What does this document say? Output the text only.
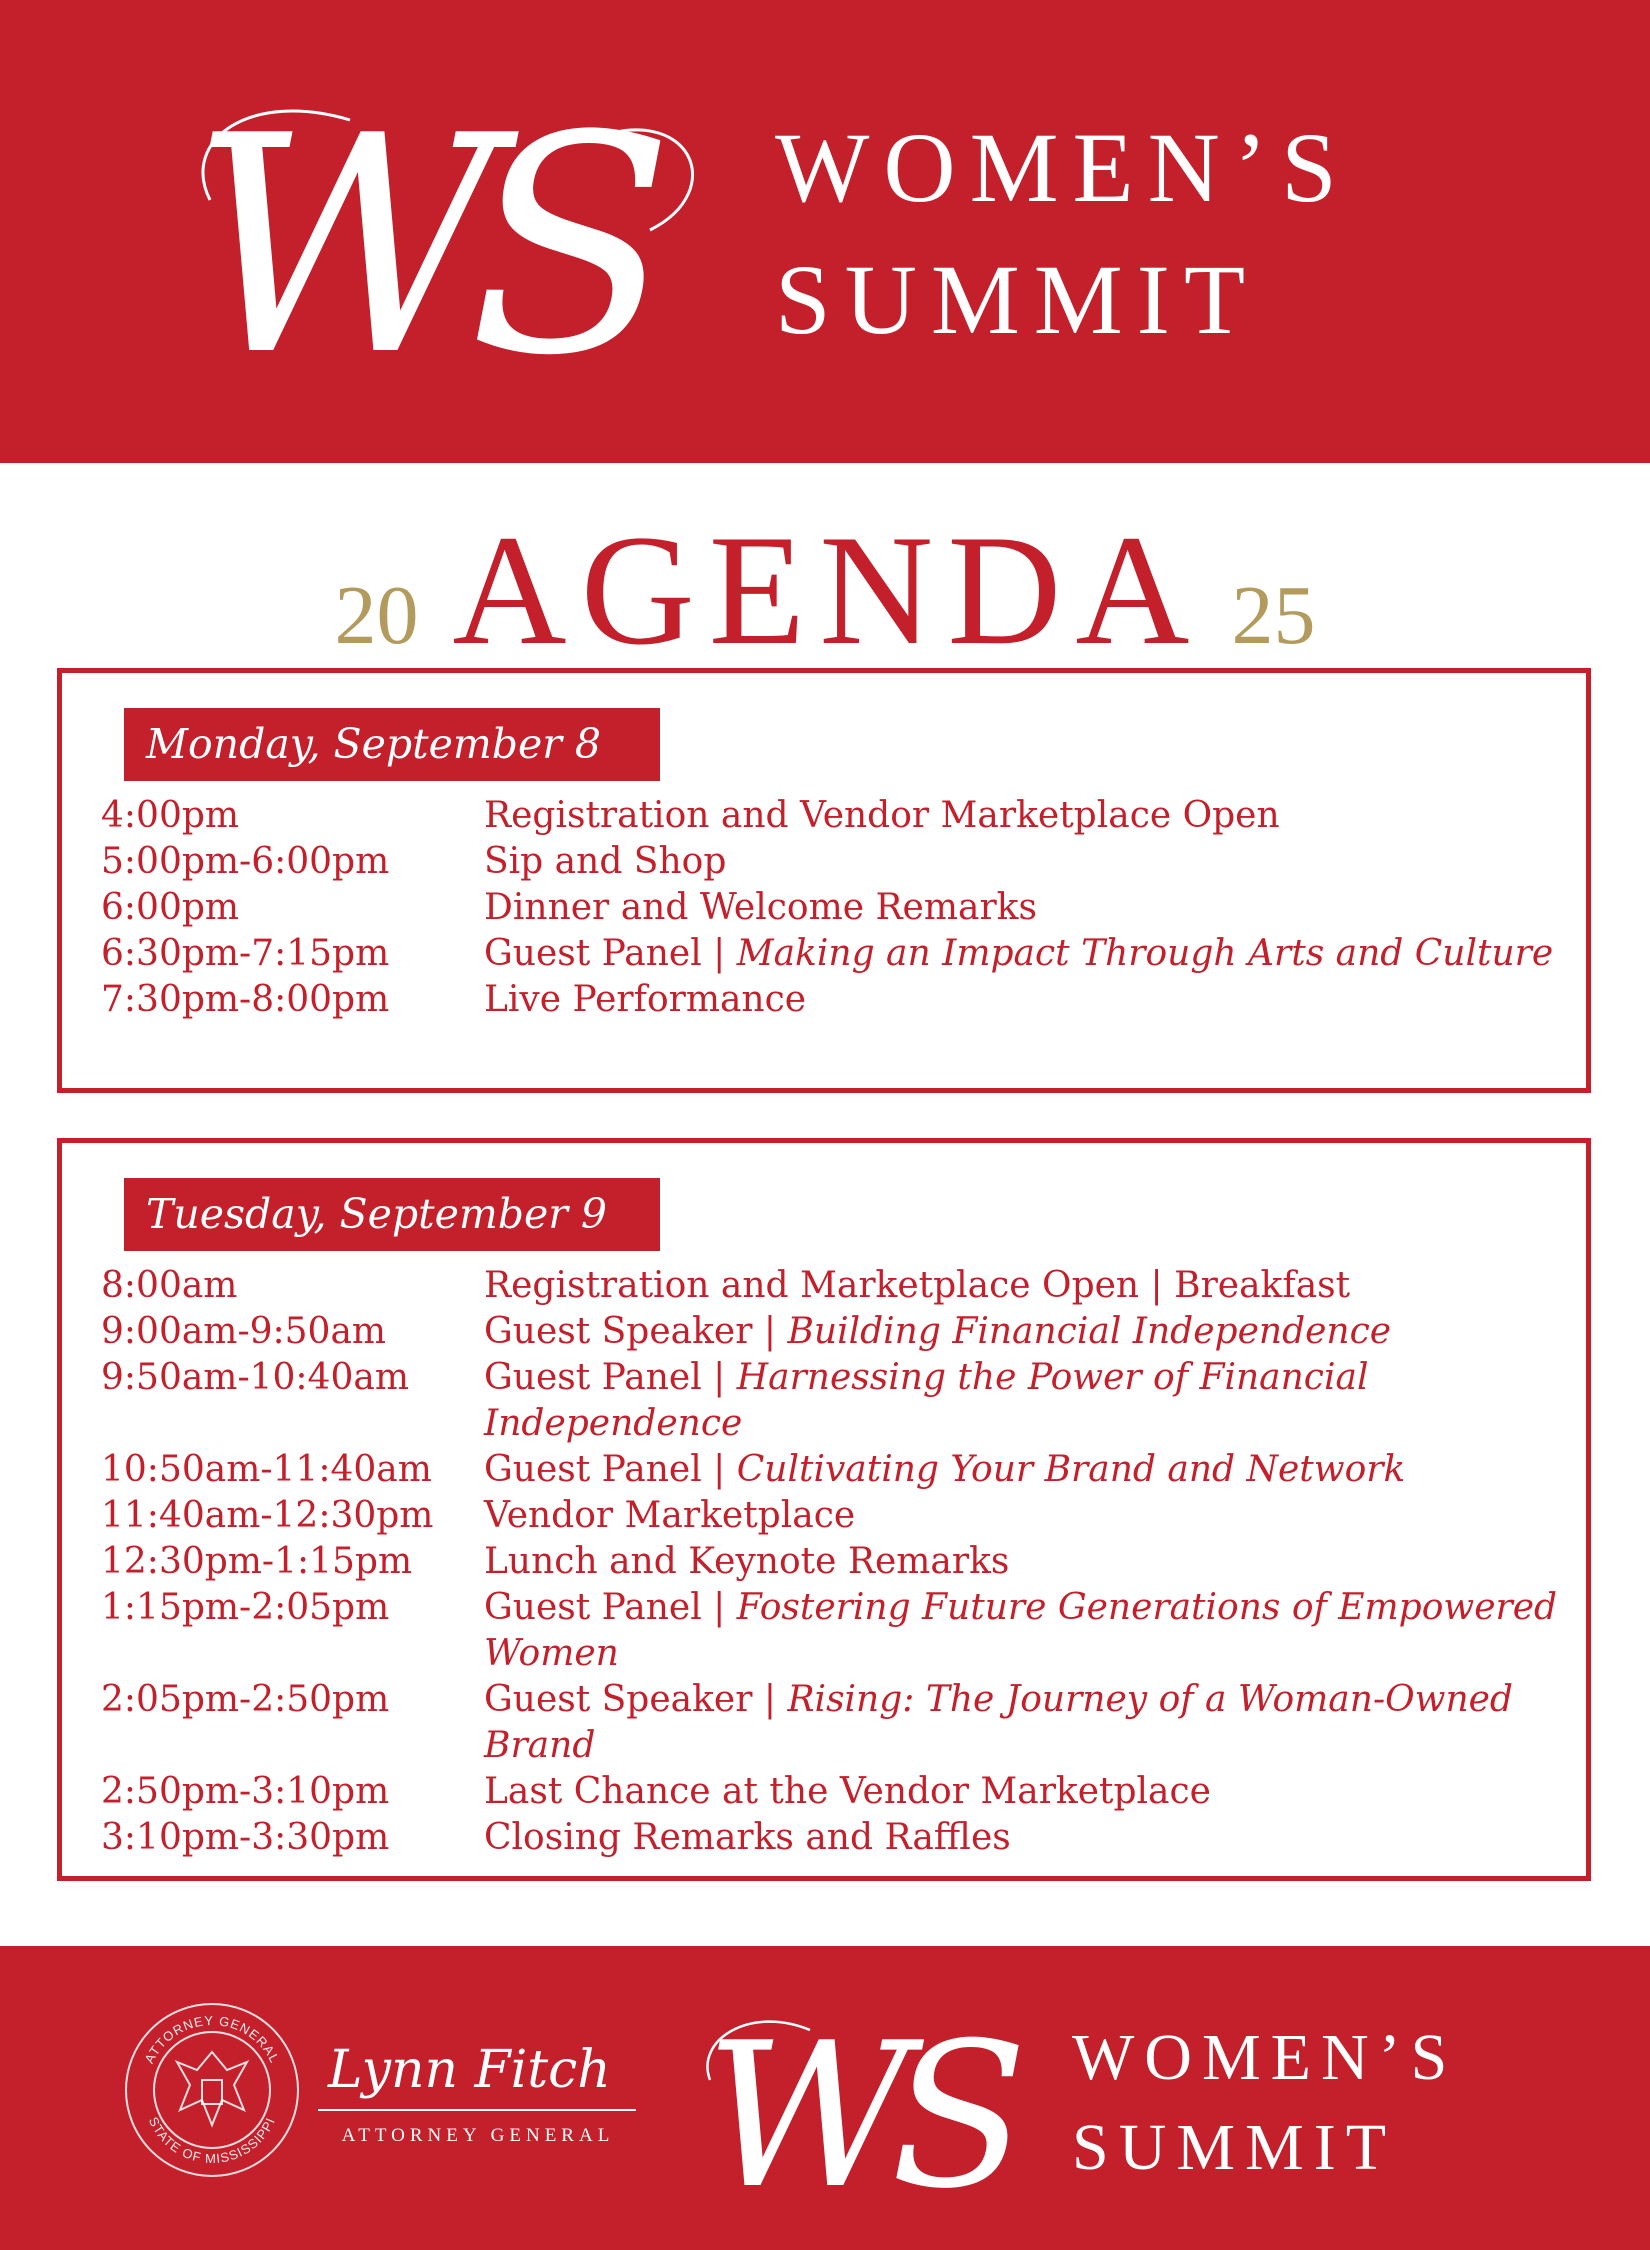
WS WOMEN’S
SUMMIT
20 AGENDA 25
Monday, September 8
4:00pm	Registration and Vendor Marketplace Open
5:00pm-6:00pm	Sip and Shop
6:00pm	Dinner and Welcome Remarks
6:30pm-7:15pm	Guest Panel | Making an Impact Through Arts and Culture
7:30pm-8:00pm	Live Performance
Tuesday, September 9
8:00am	Registration and Marketplace Open | Breakfast
9:00am-9:50am	Guest Speaker | Building Financial Independence
9:50am-10:40am	Guest Panel | Harnessing the Power of Financial Independence
10:50am-11:40am	Guest Panel | Cultivating Your Brand and Network
11:40am-12:30pm	Vendor Marketplace
12:30pm-1:15pm	Lunch and Keynote Remarks
1:15pm-2:05pm	Guest Panel | Fostering Future Generations of Empowered Women
2:05pm-2:50pm	Guest Speaker | Rising: The Journey of a Woman-Owned Brand
2:50pm-3:10pm	Last Chance at the Vendor Marketplace
3:10pm-3:30pm	Closing Remarks and Raffles
ATTORNEY GENERAL
STATE OF MISSISSIPPI
Lynn Fitch
ATTORNEY GENERAL WS WOMEN’S
SUMMIT
